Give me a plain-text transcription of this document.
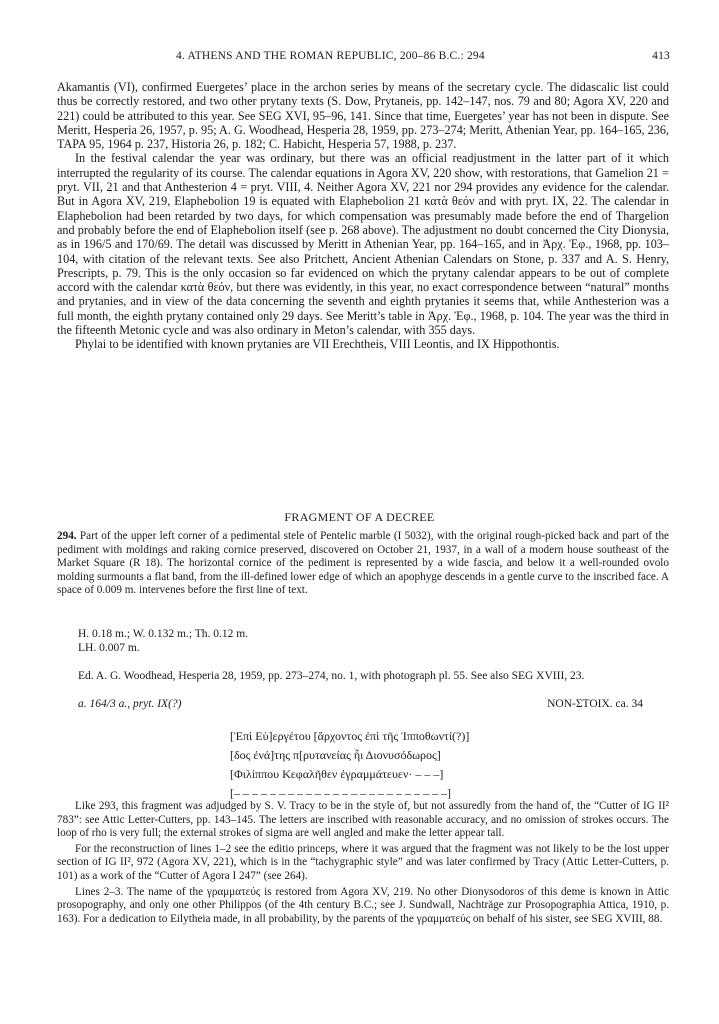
4. ATHENS AND THE ROMAN REPUBLIC, 200–86 B.C.: 294	413

Akamantis (VI), confirmed Euergetes’ place in the archon series by means of the secretary cycle. The didascalic list could thus be correctly restored, and two other prytany texts (S. Dow, Prytaneis, pp. 142–147, nos. 79 and 80; Agora XV, 220 and 221) could be attributed to this year. See SEG XVI, 95–96, 141. Since that time, Euergetes’ year has not been in dispute. See Meritt, Hesperia 26, 1957, p. 95; A. G. Woodhead, Hesperia 28, 1959, pp. 273–274; Meritt, Athenian Year, pp. 164–165, 236, TAPA 95, 1964 p. 237, Historia 26, p. 182; C. Habicht, Hesperia 57, 1988, p. 237.

In the festival calendar the year was ordinary, but there was an official readjustment in the latter part of it which interrupted the regularity of its course. The calendar equations in Agora XV, 220 show, with restorations, that Gamelion 21 = pryt. VII, 21 and that Anthesterion 4 = pryt. VIII, 4. Neither Agora XV, 221 nor 294 provides any evidence for the calendar. But in Agora XV, 219, Elaphebolion 19 is equated with Elaphebolion 21 κατὰ θεόν and with pryt. IX, 22. The calendar in Elaphebolion had been retarded by two days, for which compensation was presumably made before the end of Thargelion and probably before the end of Elaphebolion itself (see p. 268 above). The adjustment no doubt concerned the City Dionysia, as in 196/5 and 170/69. The detail was discussed by Meritt in Athenian Year, pp. 164–165, and in Ἀρχ. Ἐφ., 1968, pp. 103–104, with citation of the relevant texts. See also Pritchett, Ancient Athenian Calendars on Stone, p. 337 and A. S. Henry, Prescripts, p. 79. This is the only occasion so far evidenced on which the prytany calendar appears to be out of complete accord with the calendar κατὰ θεόν, but there was evidently, in this year, no exact correspondence between “natural” months and prytanies, and in view of the data concerning the seventh and eighth prytanies it seems that, while Anthesterion was a full month, the eighth prytany contained only 29 days. See Meritt’s table in Ἀρχ. Ἐφ., 1968, p. 104. The year was the third in the fifteenth Metonic cycle and was also ordinary in Meton’s calendar, with 355 days.

Phylai to be identified with known prytanies are VII Erechtheis, VIII Leontis, and IX Hippothontis.

FRAGMENT OF A DECREE
294. Part of the upper left corner of a pedimental stele of Pentelic marble (I 5032), with the original rough-picked back and part of the pediment with moldings and raking cornice preserved, discovered on October 21, 1937, in a wall of a modern house southeast of the Market Square (R 18). The horizontal cornice of the pediment is represented by a wide fascia, and below it a well-rounded ovolo molding surmounts a flat band, from the ill-defined lower edge of which an apophyge descends in a gentle curve to the inscribed face. A space of 0.009 m. intervenes before the first line of text.
H. 0.18 m.; W. 0.132 m.; Th. 0.12 m.
LH. 0.007 m.
Ed. A. G. Woodhead, Hesperia 28, 1959, pp. 273–274, no. 1, with photograph pl. 55. See also SEG XVIII, 23.
a. 164/3 a., pryt. IX(?)	NON-ΣΤΟΙΧ. ca. 34
[Ἐπὶ Εὐ]εργέτου [ἄρχοντος ἐπὶ τῆς Ἱπποθωντί(?)]
[δος ἐνά]της π[ρυτανείας ἧι Διονυσόδωρος]
[Φιλίππου Κεφαλῆθεν ἐγραμμάτευεν· – – –]
[– – – – – – – – – – – – – – – – – – – – – – – –]

Like 293, this fragment was adjudged by S. V. Tracy to be in the style of, but not assuredly from the hand of, the “Cutter of IG II² 783”: see Attic Letter-Cutters, pp. 143–145. The letters are inscribed with reasonable accuracy, and no omission of strokes occurs. The loop of rho is very full; the external strokes of sigma are well angled and make the letter appear tall.

For the reconstruction of lines 1–2 see the editio princeps, where it was argued that the fragment was not likely to be the lost upper section of IG II², 972 (Agora XV, 221), which is in the “tachygraphic style” and was later confirmed by Tracy (Attic Letter-Cutters, p. 101) as a work of the “Cutter of Agora I 247” (see 264).

Lines 2–3. The name of the γραμματεύς is restored from Agora XV, 219. No other Dionysodoros of this deme is known in Attic prosopography, and only one other Philippos (of the 4th century B.C.; see J. Sundwall, Nachträge zur Prosopographia Attica, 1910, p. 163). For a dedication to Eilytheia made, in all probability, by the parents of the γραμματεύς on behalf of his sister, see SEG XVIII, 88.
